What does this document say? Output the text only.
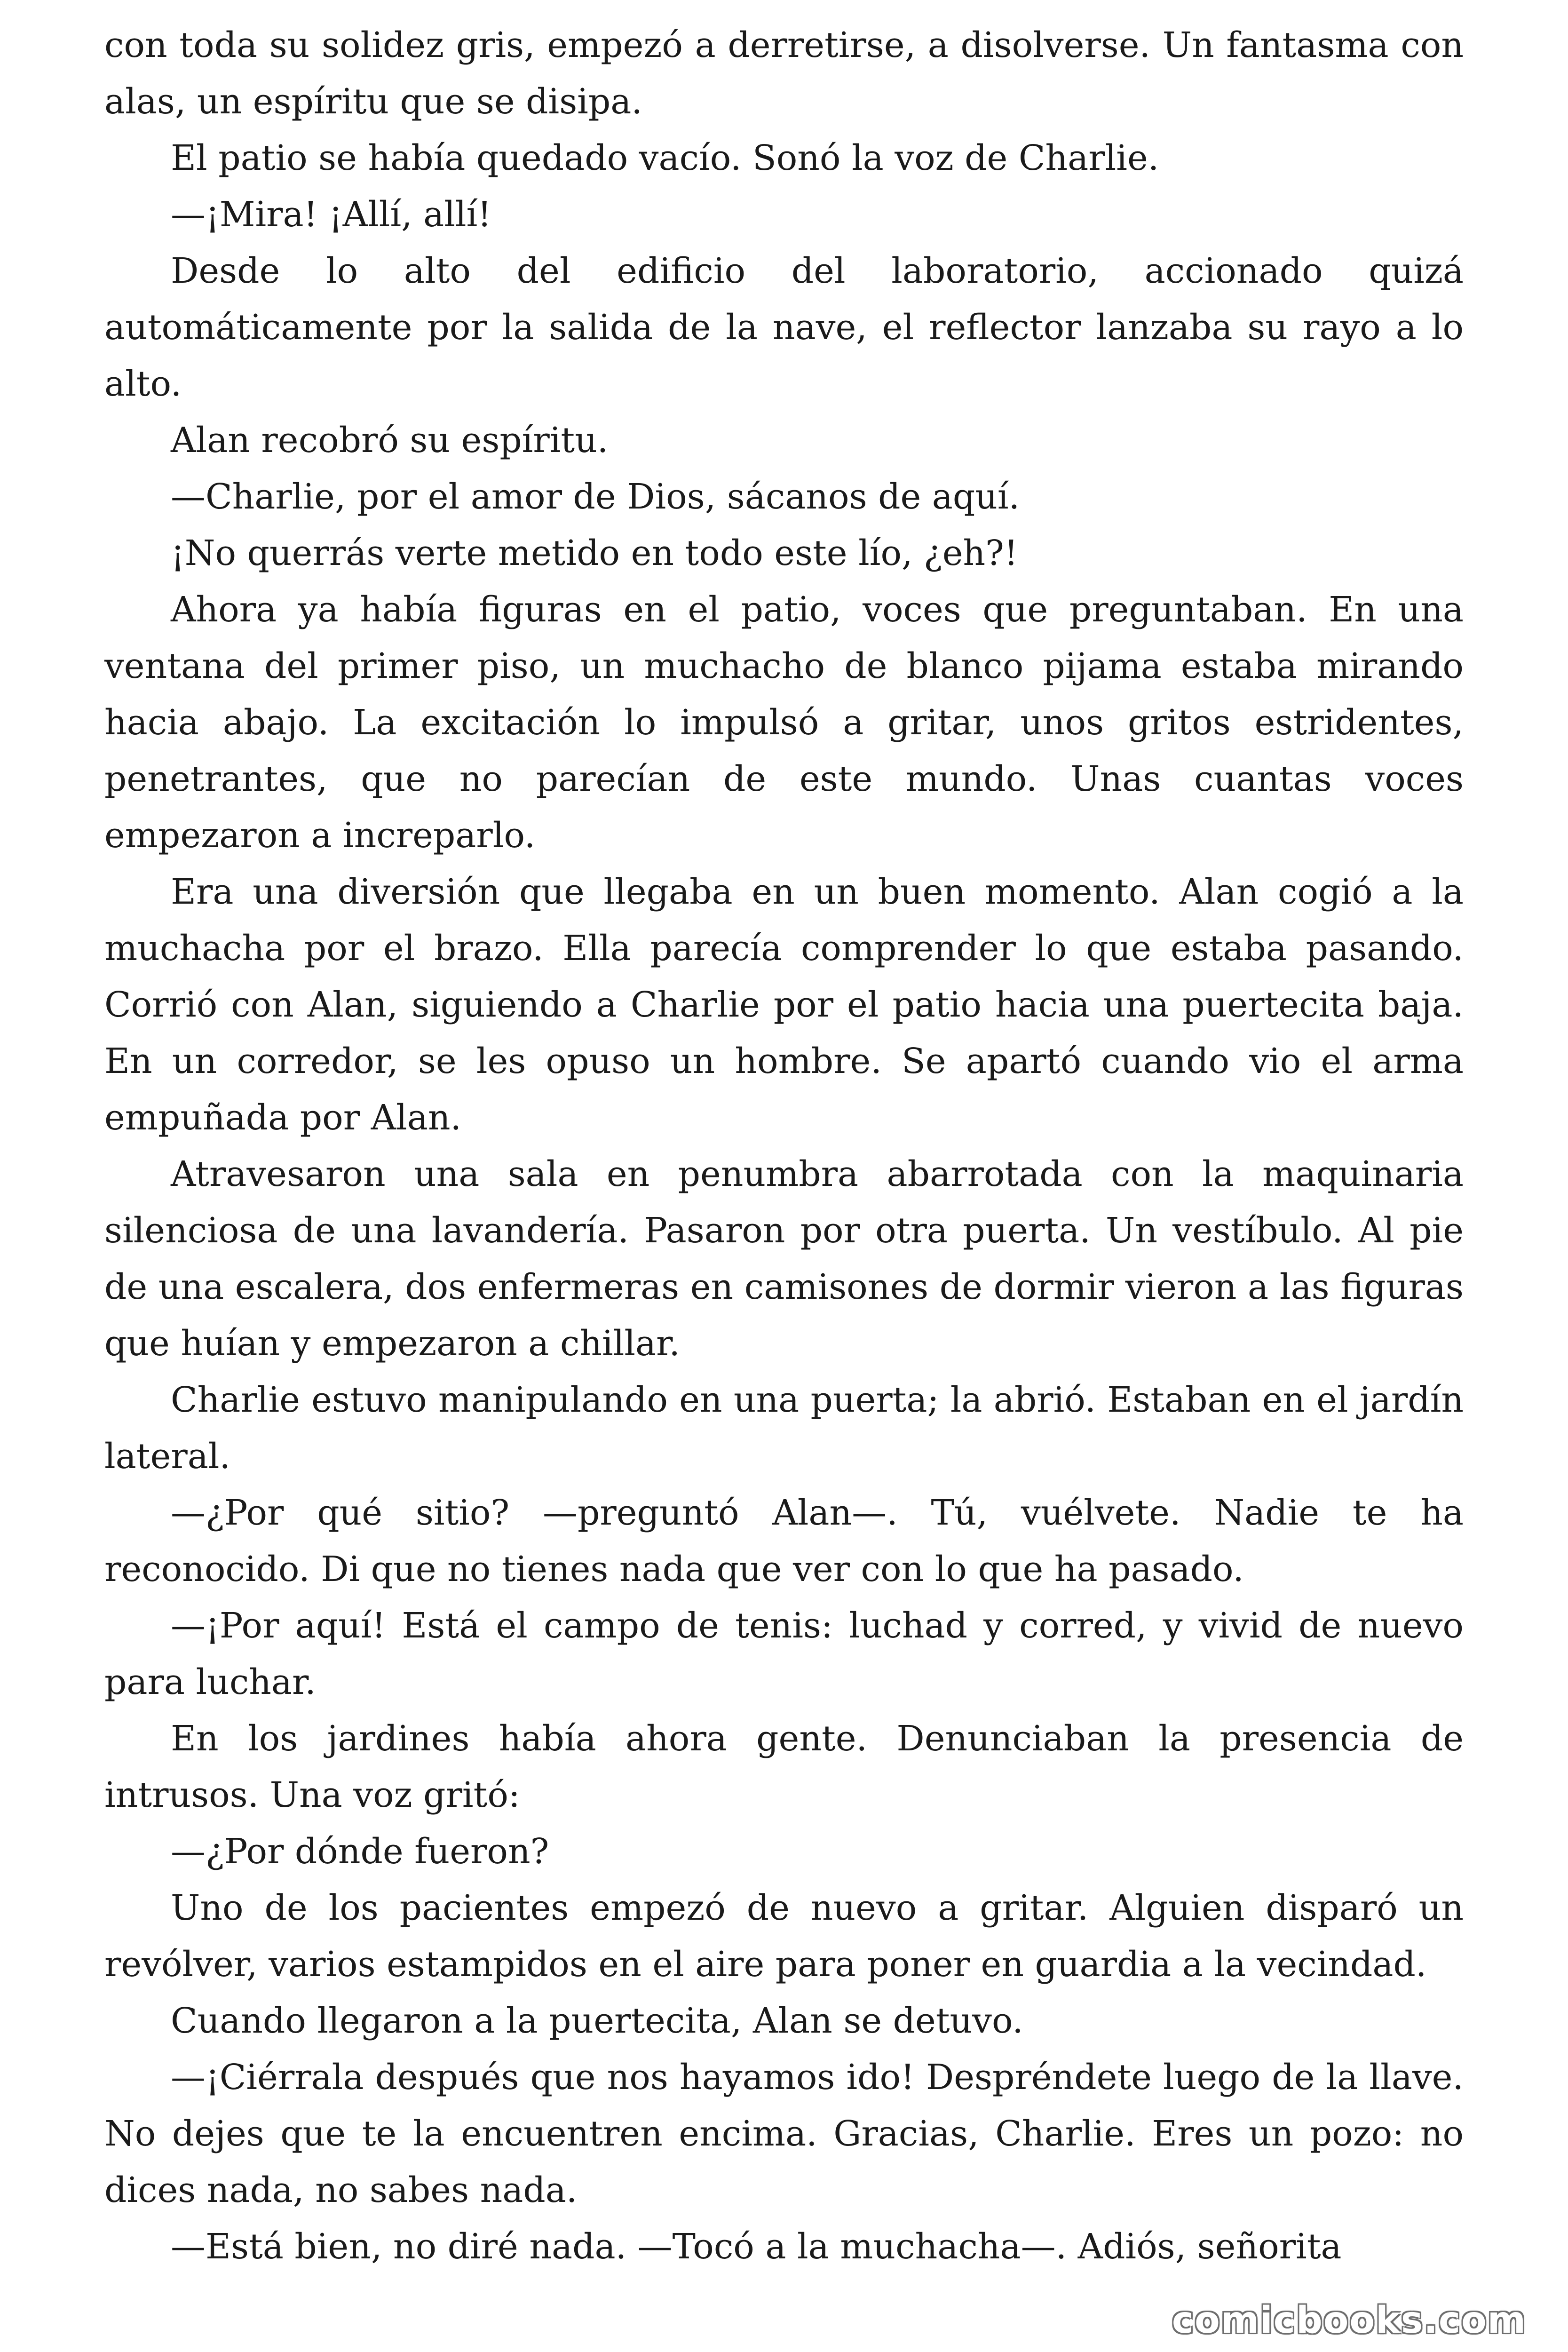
con toda su solidez gris, empezó a derretirse, a disolverse. Un fantasma con alas, un espíritu que se disipa.

El patio se había quedado vacío. Sonó la voz de Charlie.

—¡Mira! ¡Allí, allí!

Desde lo alto del edificio del laboratorio, accionado quizá automáticamente por la salida de la nave, el reflector lanzaba su rayo a lo alto.

Alan recobró su espíritu.

—Charlie, por el amor de Dios, sácanos de aquí.

¡No querrás verte metido en todo este lío, ¿eh?!

Ahora ya había figuras en el patio, voces que preguntaban. En una ventana del primer piso, un muchacho de blanco pijama estaba mirando hacia abajo. La excitación lo impulsó a gritar, unos gritos estridentes, penetrantes, que no parecían de este mundo. Unas cuantas voces empezaron a increparlo.

Era una diversión que llegaba en un buen momento. Alan cogió a la muchacha por el brazo. Ella parecía comprender lo que estaba pasando. Corrió con Alan, siguiendo a Charlie por el patio hacia una puertecita baja. En un corredor, se les opuso un hombre. Se apartó cuando vio el arma empuñada por Alan.

Atravesaron una sala en penumbra abarrotada con la maquinaria silenciosa de una lavandería. Pasaron por otra puerta. Un vestíbulo. Al pie de una escalera, dos enfermeras en camisones de dormir vieron a las figuras que huían y empezaron a chillar.

Charlie estuvo manipulando en una puerta; la abrió. Estaban en el jardín lateral.

—¿Por qué sitio? —preguntó Alan—. Tú, vuélvete. Nadie te ha reconocido. Di que no tienes nada que ver con lo que ha pasado.

—¡Por aquí! Está el campo de tenis: luchad y corred, y vivid de nuevo para luchar.

En los jardines había ahora gente. Denunciaban la presencia de intrusos. Una voz gritó:

—¿Por dónde fueron?

Uno de los pacientes empezó de nuevo a gritar. Alguien disparó un revólver, varios estampidos en el aire para poner en guardia a la vecindad.

Cuando llegaron a la puertecita, Alan se detuvo.

—¡Ciérrala después que nos hayamos ido! Despréndete luego de la llave. No dejes que te la encuentren encima. Gracias, Charlie. Eres un pozo: no dices nada, no sabes nada.

—Está bien, no diré nada. —Tocó a la muchacha—. Adiós, señorita

comicbooks.com
